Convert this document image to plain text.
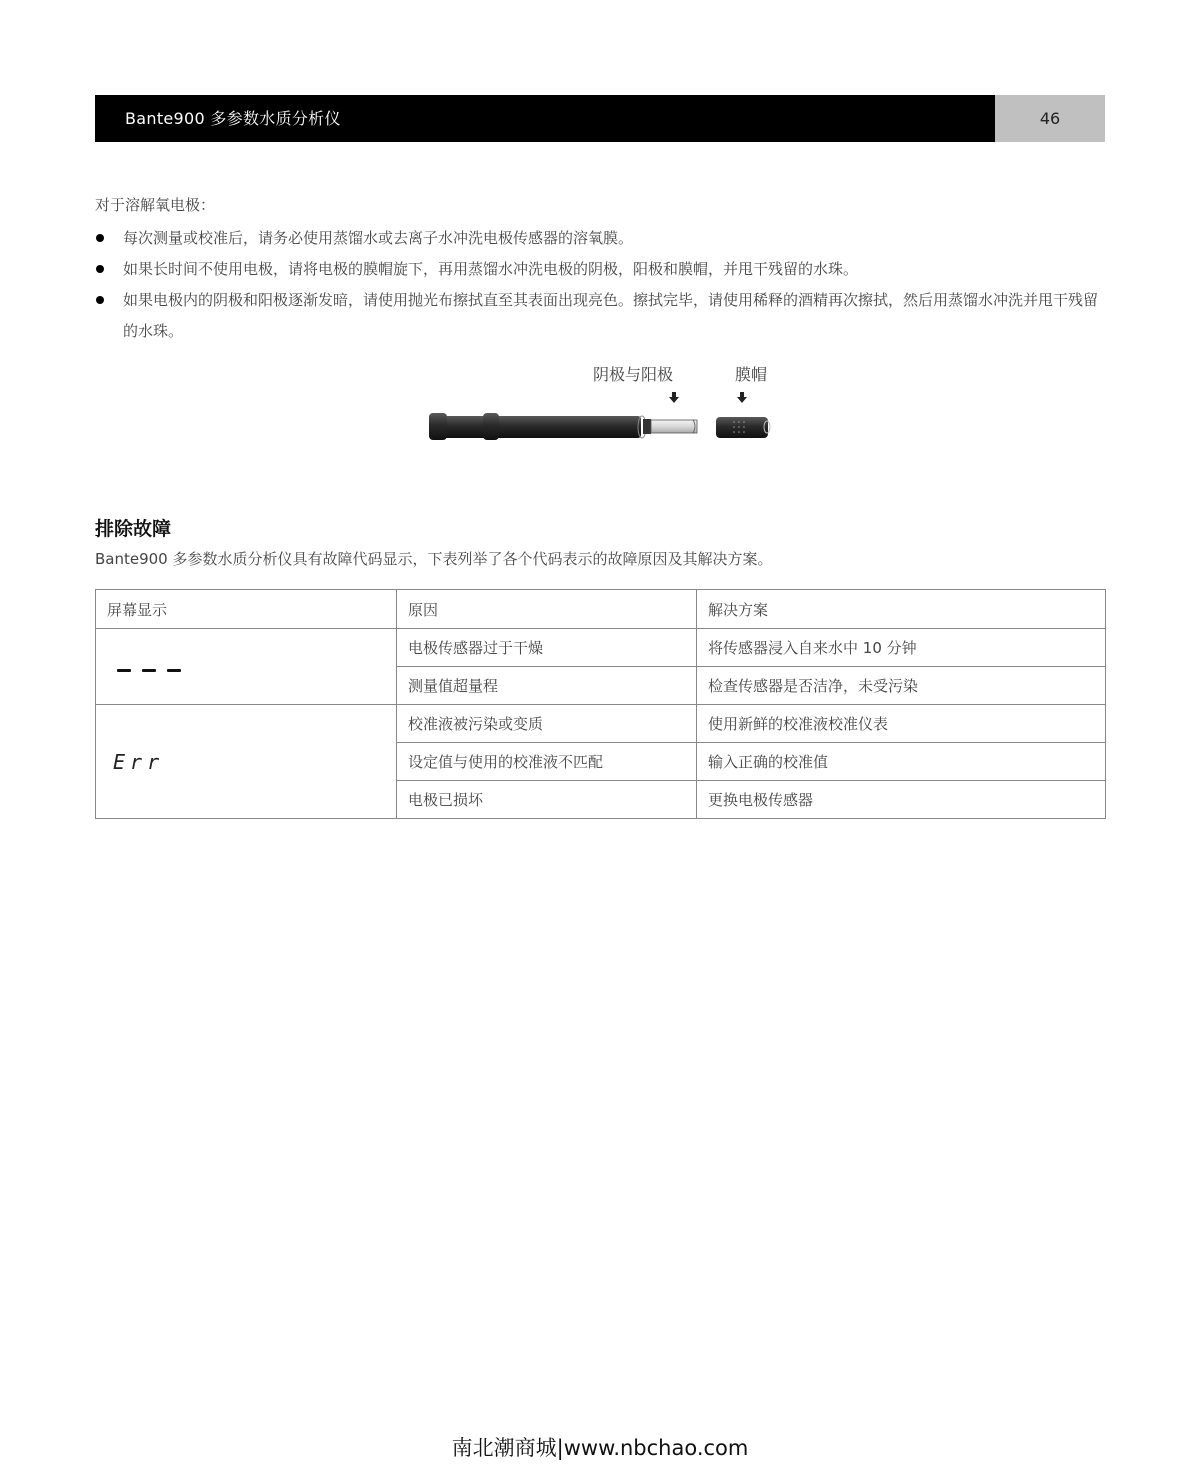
Bante900 多参数水质分析仪	46
对于溶解氧电极：
每次测量或校准后，请务必使用蒸馏水或去离子水冲洗电极传感器的溶氧膜。
如果长时间不使用电极，请将电极的膜帽旋下，再用蒸馏水冲洗电极的阴极，阳极和膜帽，并甩干残留的水珠。
如果电极内的阴极和阳极逐渐发暗，请使用抛光布擦拭直至其表面出现亮色。擦拭完毕，请使用稀释的酒精再次擦拭，然后用蒸馏水冲洗并甩干残留的水珠。
阴极与阳极	膜帽
排除故障
Bante900 多参数水质分析仪具有故障代码显示，下表列举了各个代码表示的故障原因及其解决方案。
屏幕显示	原因	解决方案

	电极传感器过于干燥	将传感器浸入自来水中 10 分钟
	测量值超量程	检查传感器是否洁净，未受污染
Err	校准液被污染或变质	使用新鲜的校准液校准仪表
	设定值与使用的校准液不匹配	输入正确的校准值
	电极已损坏	更换电极传感器
南北潮商城|www.nbchao.com
